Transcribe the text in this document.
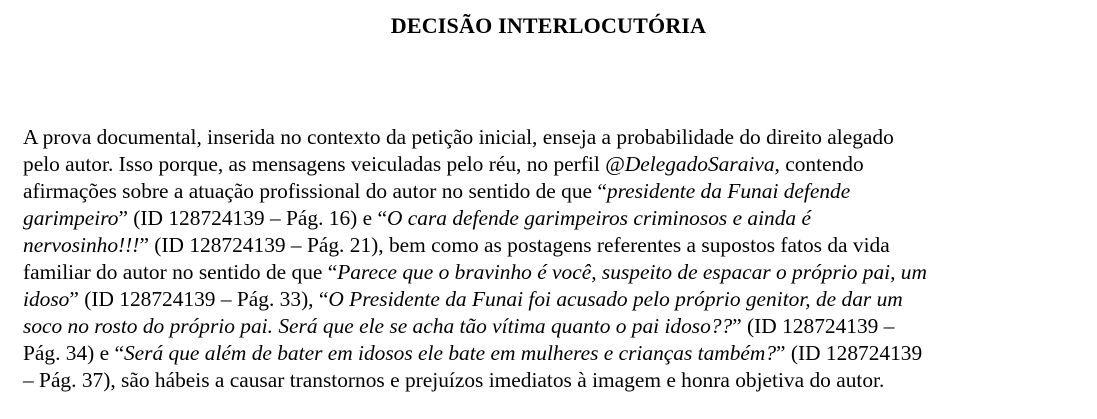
DECISÃO INTERLOCUTÓRIA

A prova documental, inserida no contexto da petição inicial, enseja a probabilidade do direito alegado
pelo autor. Isso porque, as mensagens veiculadas pelo réu, no perfil @DelegadoSaraiva, contendo
afirmações sobre a atuação profissional do autor no sentido de que “presidente da Funai defende
garimpeiro” (ID 128724139 – Pág. 16) e “O cara defende garimpeiros criminosos e ainda é
nervosinho!!!” (ID 128724139 – Pág. 21), bem como as postagens referentes a supostos fatos da vida
familiar do autor no sentido de que “Parece que o bravinho é você, suspeito de espacar o próprio pai, um
idoso” (ID 128724139 – Pág. 33), “O Presidente da Funai foi acusado pelo próprio genitor, de dar um
soco no rosto do próprio pai. Será que ele se acha tão vítima quanto o pai idoso??” (ID 128724139 –
Pág. 34) e “Será que além de bater em idosos ele bate em mulheres e crianças também?” (ID 128724139
– Pág. 37), são hábeis a causar transtornos e prejuízos imediatos à imagem e honra objetiva do autor.
